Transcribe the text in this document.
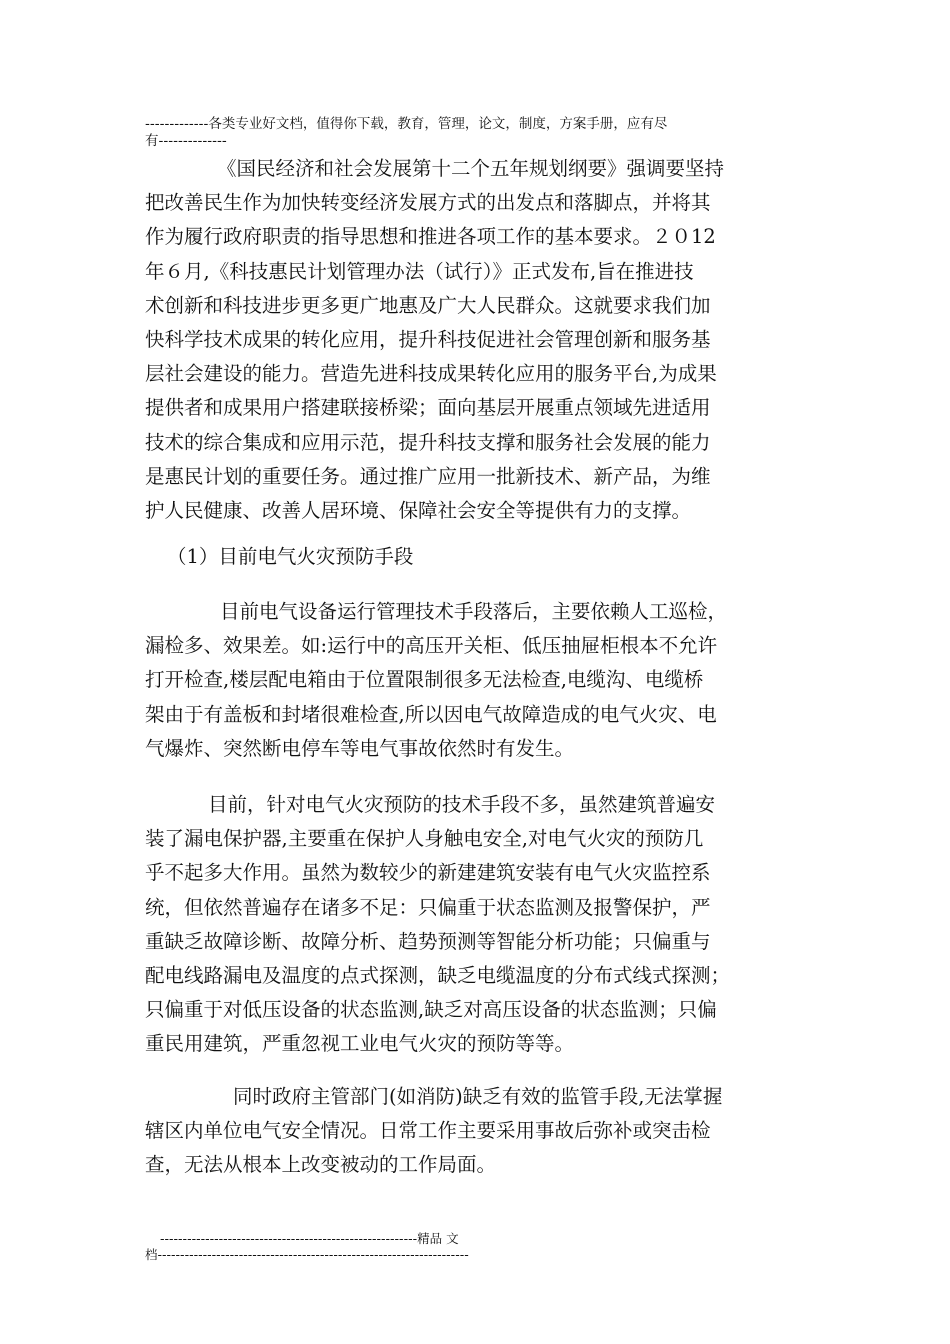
-------------各类专业好文档，值得你下载，教育，管理，论文，制度，方案手册，应有尽
有--------------
《国民经济和社会发展第十二个五年规划纲要》强调要坚持
把改善民生作为加快转变经济发展方式的出发点和落脚点，并将其
作为履行政府职责的指导思想和推进各项工作的基本要求。２０12
年６月,《科技惠民计划管理办法（试行）》正式发布,旨在推进技
术创新和科技进步更多更广地惠及广大人民群众。这就要求我们加
快科学技术成果的转化应用，提升科技促进社会管理创新和服务基
层社会建设的能力。营造先进科技成果转化应用的服务平台,为成果
提供者和成果用户搭建联接桥梁；面向基层开展重点领域先进适用
技术的综合集成和应用示范，提升科技支撑和服务社会发展的能力
是惠民计划的重要任务。通过推广应用一批新技术、新产品，为维
护人民健康、改善人居环境、保障社会安全等提供有力的支撑。
（1）目前电气火灾预防手段
目前电气设备运行管理技术手段落后，主要依赖人工巡检，
漏检多、效果差。如:运行中的高压开关柜、低压抽屉柜根本不允许
打开检查,楼层配电箱由于位置限制很多无法检查,电缆沟、电缆桥
架由于有盖板和封堵很难检查,所以因电气故障造成的电气火灾、电
气爆炸、突然断电停车等电气事故依然时有发生。
目前，针对电气火灾预防的技术手段不多，虽然建筑普遍安
装了漏电保护器,主要重在保护人身触电安全,对电气火灾的预防几
乎不起多大作用。虽然为数较少的新建建筑安装有电气火灾监控系
统，但依然普遍存在诸多不足：只偏重于状态监测及报警保护，严
重缺乏故障诊断、故障分析、趋势预测等智能分析功能；只偏重与
配电线路漏电及温度的点式探测，缺乏电缆温度的分布式线式探测；
只偏重于对低压设备的状态监测,缺乏对高压设备的状态监测；只偏
重民用建筑，严重忽视工业电气火灾的预防等等。
同时政府主管部门(如消防)缺乏有效的监管手段,无法掌握
辖区内单位电气安全情况。日常工作主要采用事故后弥补或突击检
查，无法从根本上改变被动的工作局面。
---------------------------------------------------------精品 文
档---------------------------------------------------------------------
